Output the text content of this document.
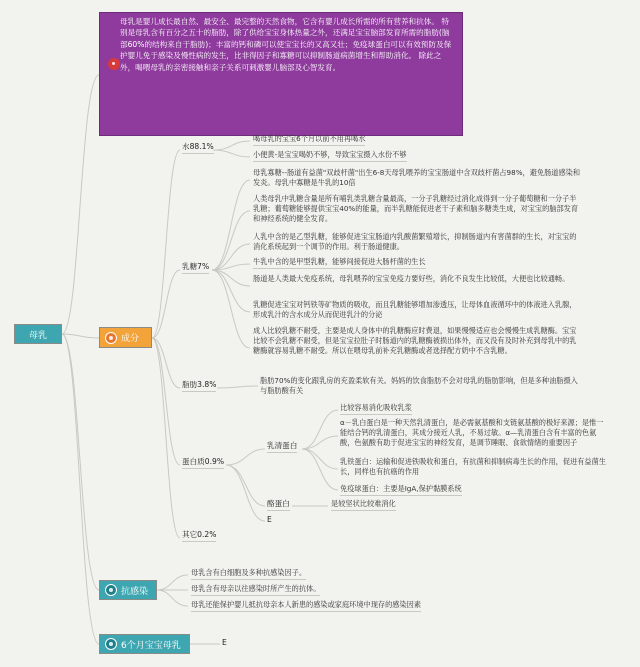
母乳
母乳是婴儿成长最自然、最安全、最完整的天然食物，它含有婴儿成长所需的所有营养和抗体。 特别是母乳含有百分之五十的脂肪，除了供给宝宝身体热量之外，还满足宝宝脑部发育所需的脂肪(脑部60%的结构来自于脂肪)；丰富的钙和磷可以使宝宝长的又高又壮；免疫球蛋白可以有效预防及保护婴儿免于感染及慢性病的发生，比非得因子和寡糖可以抑制肠道病菌增生和帮助消化。 除此之外，喝喂母乳的亲密接触和亲子关系可刺激婴儿脑部及心智发育。
成分
水88.1%
喝母乳的宝宝6个月以前不用再喝水
小便黄-是宝宝喝奶不够，导致宝宝摄入水份不够
乳糖7%
母乳寡糖--肠道有益菌"双歧杆菌"出生6-8天母乳喂养的宝宝肠道中含双歧杆菌占98%，避免肠道感染和发炎。母乳中寡糖是牛乳的10倍
人类母乳中乳糖含量是所有哺乳类乳糖含量最高，一分子乳糖经过消化成得到一分子葡萄糖和一分子半乳糖；葡萄糖能够提供宝宝40%的能量，而半乳糖能促进老干子素和脑多糖类生成，对宝宝的脑部发育和神经系统的健全发育。
人乳中含的是乙型乳糖，能够促进宝宝肠道内乳酸菌繁殖增长，抑制肠道内有害菌群的生长，对宝宝的消化系统起到一个调节的作用。利于肠道健康。
牛乳中含的是甲型乳糖，能够间接促进大肠杆菌的生长
肠道是人类最大免疫系统，母乳喂养的宝宝免疫力要好些，消化不良发生比较低，大便也比较通畅。
乳糖促进宝宝对钙铁等矿物质的吸收，而且乳糖能够增加渗透压，让母体血液循环中的体液进入乳腺，形成乳汁的含水成分从而促进乳汁的分泌
成人比较乳糖不耐受，主要是成人身体中的乳糖酶应时费退，如果慢慢适应也会慢慢生成乳糖酶。宝宝比较不会乳糖不耐受，但是宝宝拉肚子时肠道内的乳糖酶被损出体外，而又没有及时补充到母乳中的乳糖酶就容易乳糖不耐受。所以在喂母乳前补充乳糖酶或者选择配方奶中不含乳糖。
脂肪3.8%	脂肪70%的变化跟乳房的充盈柔软有关。妈妈的饮食脂肪不会对母乳的脂肪影响，但是多种油脂摄入与脂肪酸有关
蛋白质0.9%
乳清蛋白
比较容易消化吸收乳浆
α－乳白蛋白是一种天然乳清蛋白，是必需氨基酸和支链氨基酸的极好来源；是惟一能结合钙的乳清蛋白，其成分接近人乳，不易过敏。α—乳清蛋白含有丰富的色氨酸，色氨酸有助于促进宝宝的神经发育，是调节睡眠、食欲情绪的重要因子
乳铁蛋白：运输和促进铁吸收和蛋白，有抗菌和抑制病毒生长的作用，促进有益菌生长，同样也有抗癌的作用
免疫球蛋白：主要是IgA,保护黏膜系统
酪蛋白	是较坚状比较难消化
E
其它0.2%
抗感染
母乳含有白细胞及多种抗感染因子。
母乳含有母亲以往感染时所产生的抗体。
母乳还能保护婴儿抵抗母亲本人新患的感染或家庭环境中现存的感染因素
6个月宝宝母乳	E
